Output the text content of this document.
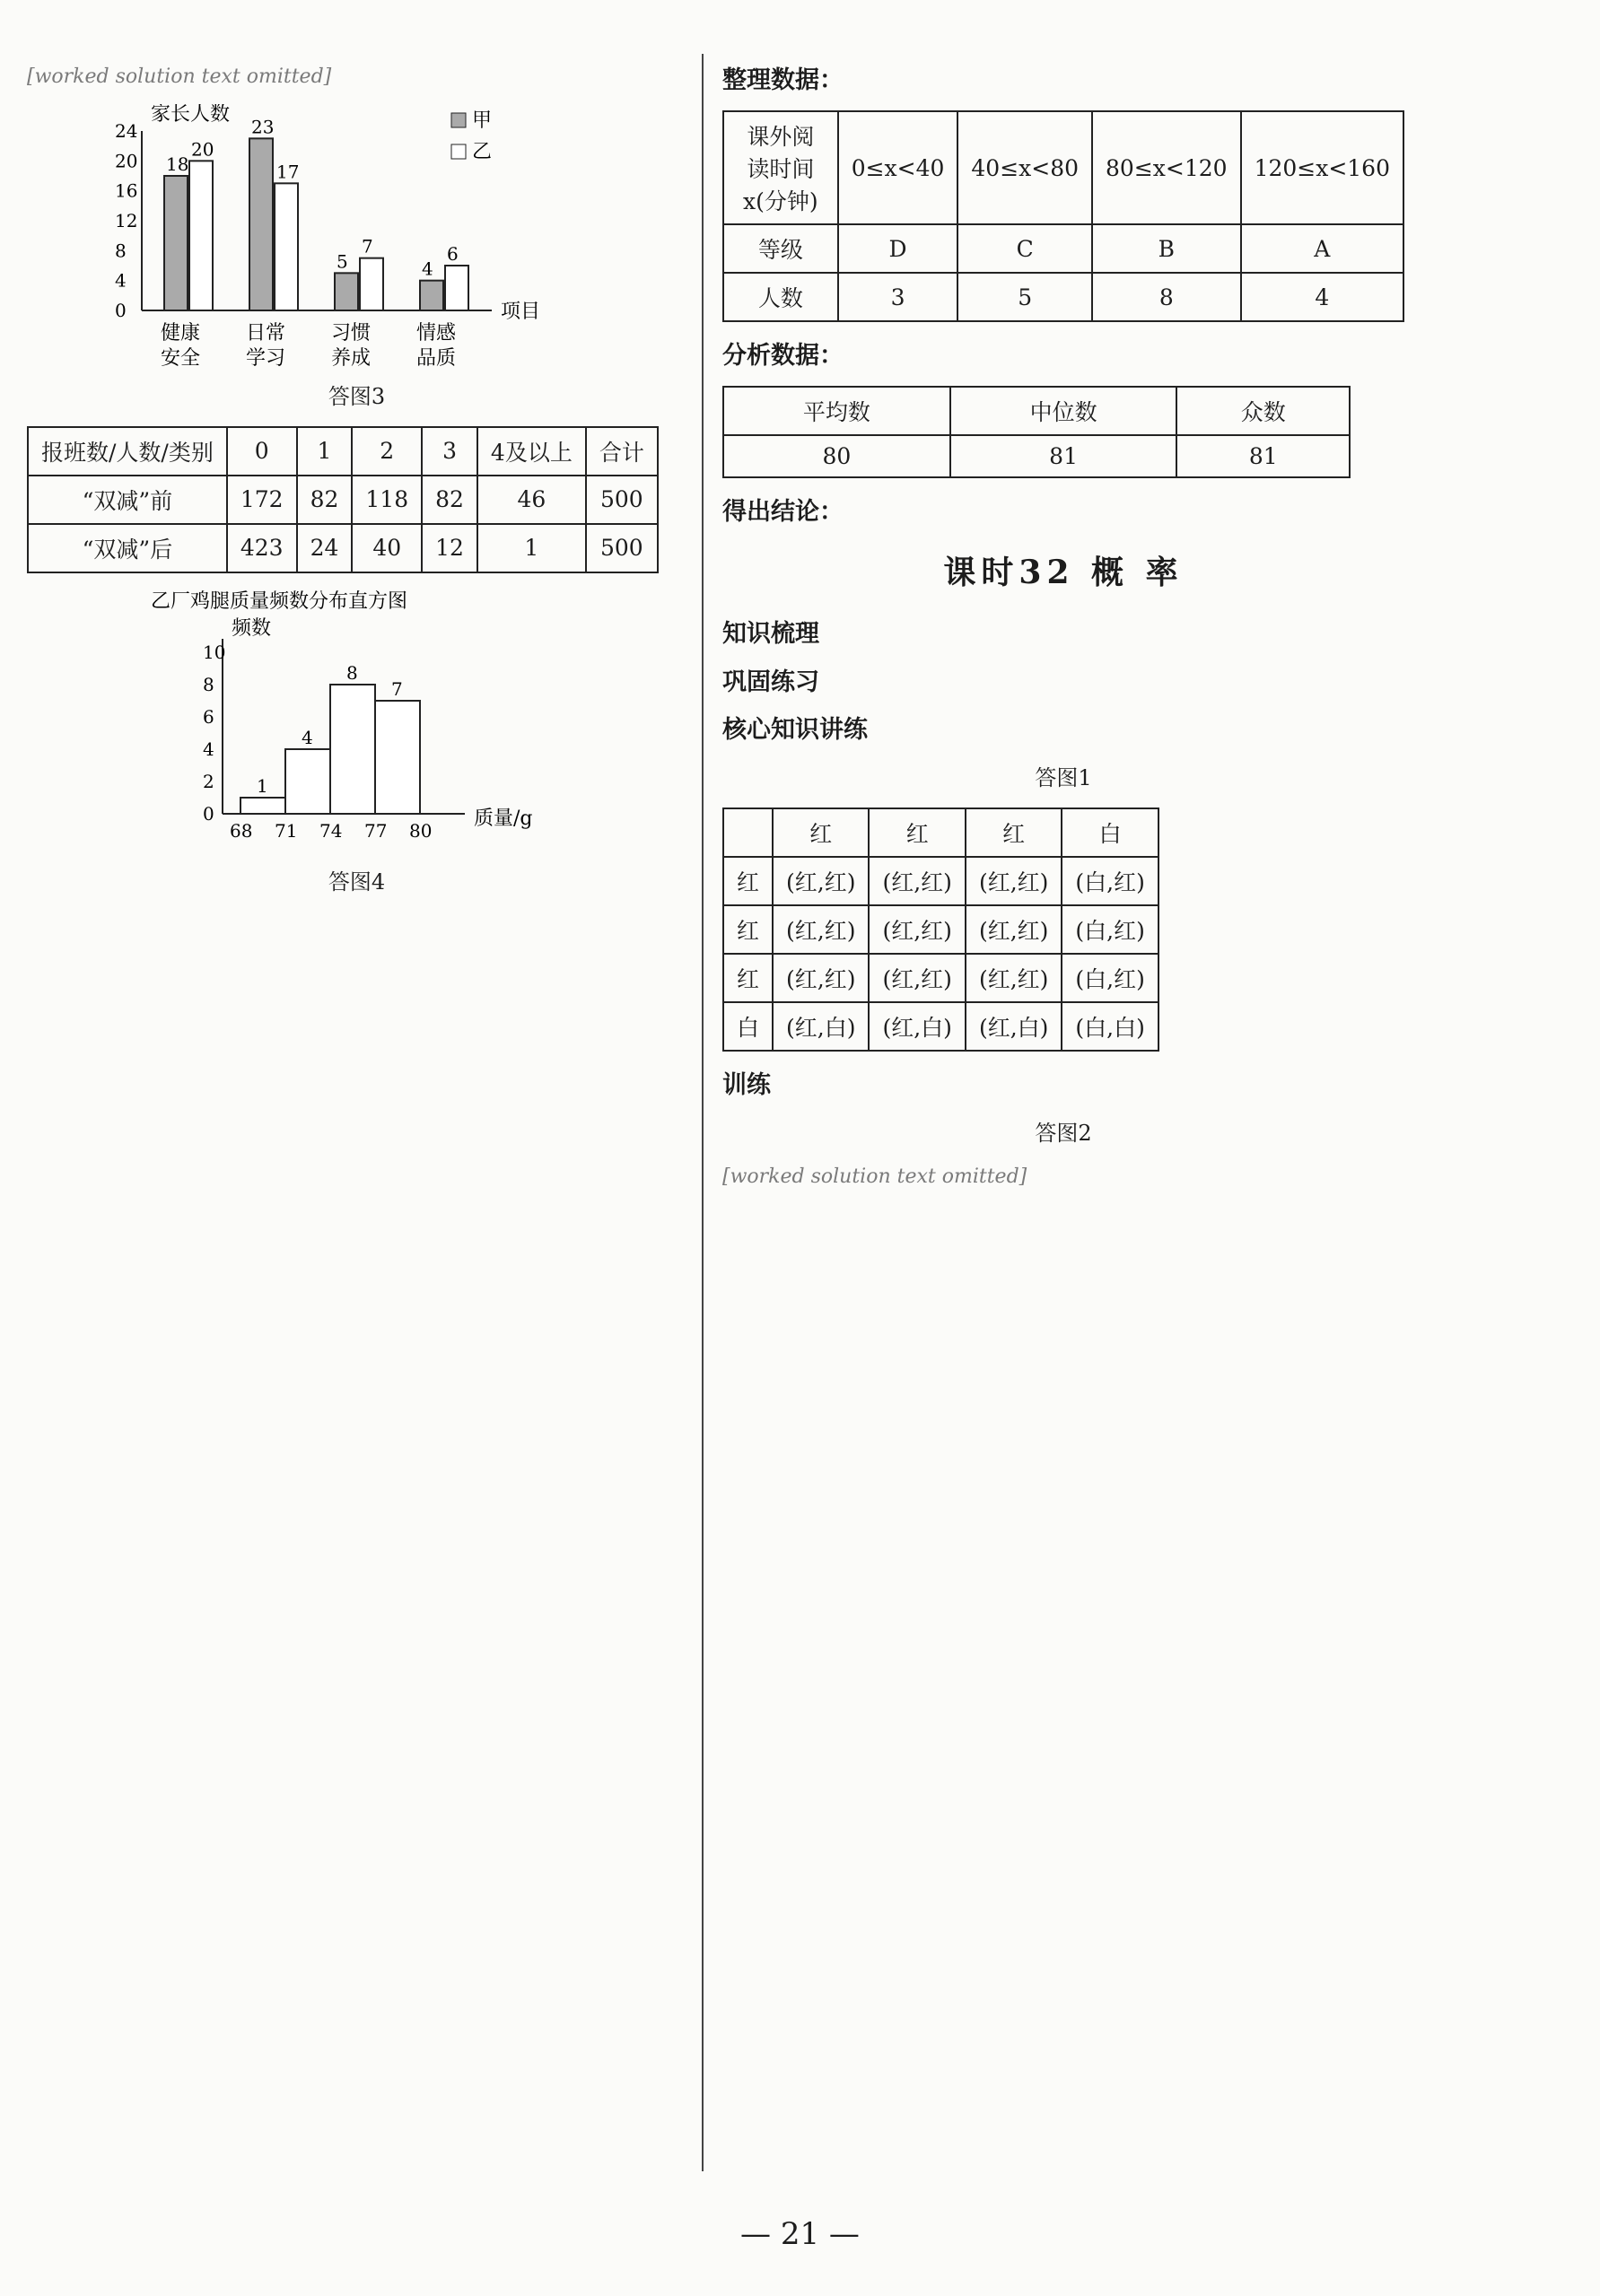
[worked solution text omitted]

家长人数
项目
0
4
8
12
16
20
24
18
20
23
17
5
7
4
6
健康
安全
日常
学习
习惯
养成
情感
品质
甲
乙
答图3
报班数/人数/类别	0	1	2	3	4及以上	合计
“双减”前	172	82	118	82	46	500
“双减”后	423	24	40	12	1	500
乙厂鸡腿质量频数分布直方图
频数
质量/g
0
2
4
6
8
10
1
4
8
7
68 71 74 77 80
答图4

整理数据：

课外阅读时间x(分钟)	0≤x<40	40≤x<80	80≤x<120	120≤x<160
等级	D	C	B	A
人数	3	5	8	4

分析数据：

平均数	中位数	众数
80	81	81

得出结论：

课时32 概 率

知识梳理

巩固练习

核心知识讲练

答图1
	红	红	红	白
红	(红,红)	(红,红)	(红,红)	(白,红)
红	(红,红)	(红,红)	(红,红)	(白,红)
红	(红,红)	(红,红)	(红,红)	(白,红)
白	(红,白)	(红,白)	(红,白)	(白,白)

训练

答图2

[worked solution text omitted]

— 21 —
